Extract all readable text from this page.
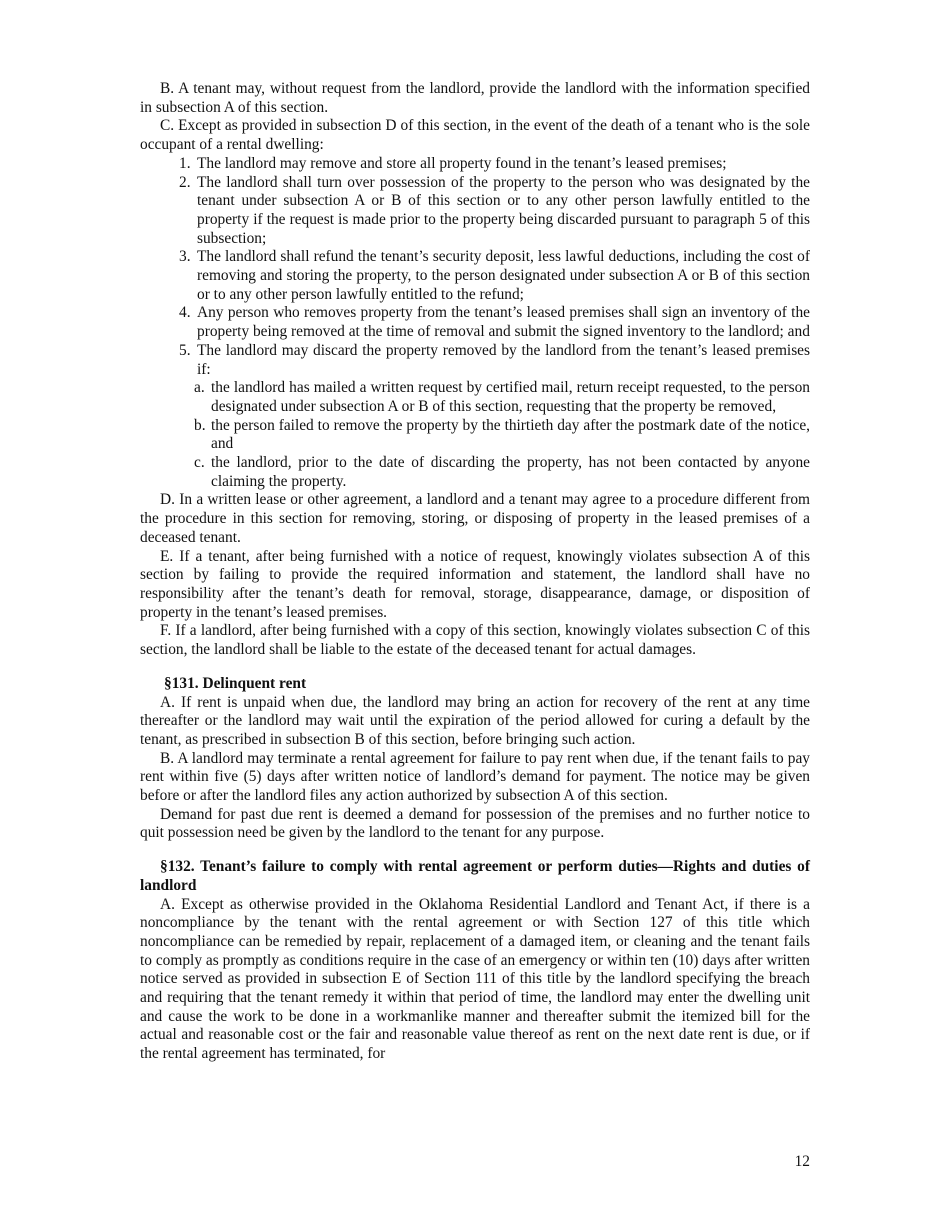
B. A tenant may, without request from the landlord, provide the landlord with the information specified in subsection A of this section.

C. Except as provided in subsection D of this section, in the event of the death of a tenant who is the sole occupant of a rental dwelling:

1. The landlord may remove and store all property found in the tenant’s leased premises;
2. The landlord shall turn over possession of the property to the person who was designated by the tenant under subsection A or B of this section or to any other person lawfully entitled to the property if the request is made prior to the property being discarded pursuant to paragraph 5 of this subsection;
3. The landlord shall refund the tenant’s security deposit, less lawful deductions, including the cost of removing and storing the property, to the person designated under subsection A or B of this section or to any other person lawfully entitled to the refund;
4. Any person who removes property from the tenant’s leased premises shall sign an inventory of the property being removed at the time of removal and submit the signed inventory to the landlord; and
5. The landlord may discard the property removed by the landlord from the tenant’s leased premises if:
a. the landlord has mailed a written request by certified mail, return receipt requested, to the person designated under subsection A or B of this section, requesting that the property be removed,
b. the person failed to remove the property by the thirtieth day after the postmark date of the notice, and
c. the landlord, prior to the date of discarding the property, has not been contacted by anyone claiming the property.

D. In a written lease or other agreement, a landlord and a tenant may agree to a procedure different from the procedure in this section for removing, storing, or disposing of property in the leased premises of a deceased tenant.

E. If a tenant, after being furnished with a notice of request, knowingly violates subsection A of this section by failing to provide the required information and statement, the landlord shall have no responsibility after the tenant’s death for removal, storage, disappearance, damage, or disposition of property in the tenant’s leased premises.

F. If a landlord, after being furnished with a copy of this section, knowingly violates subsection C of this section, the landlord shall be liable to the estate of the deceased tenant for actual damages.

§131. Delinquent rent

A. If rent is unpaid when due, the landlord may bring an action for recovery of the rent at any time thereafter or the landlord may wait until the expiration of the period allowed for curing a default by the tenant, as prescribed in subsection B of this section, before bringing such action.

B. A landlord may terminate a rental agreement for failure to pay rent when due, if the tenant fails to pay rent within five (5) days after written notice of landlord’s demand for payment. The notice may be given before or after the landlord files any action authorized by subsection A of this section.

Demand for past due rent is deemed a demand for possession of the premises and no further notice to quit possession need be given by the landlord to the tenant for any purpose.

§132. Tenant’s failure to comply with rental agreement or perform duties—Rights and duties of landlord

A. Except as otherwise provided in the Oklahoma Residential Landlord and Tenant Act, if there is a noncompliance by the tenant with the rental agreement or with Section 127 of this title which noncompliance can be remedied by repair, replacement of a damaged item, or cleaning and the tenant fails to comply as promptly as conditions require in the case of an emergency or within ten (10) days after written notice served as provided in subsection E of Section 111 of this title by the landlord specifying the breach and requiring that the tenant remedy it within that period of time, the landlord may enter the dwelling unit and cause the work to be done in a workmanlike manner and thereafter submit the itemized bill for the actual and reasonable cost or the fair and reasonable value thereof as rent on the next date rent is due, or if the rental agreement has terminated, for

12
